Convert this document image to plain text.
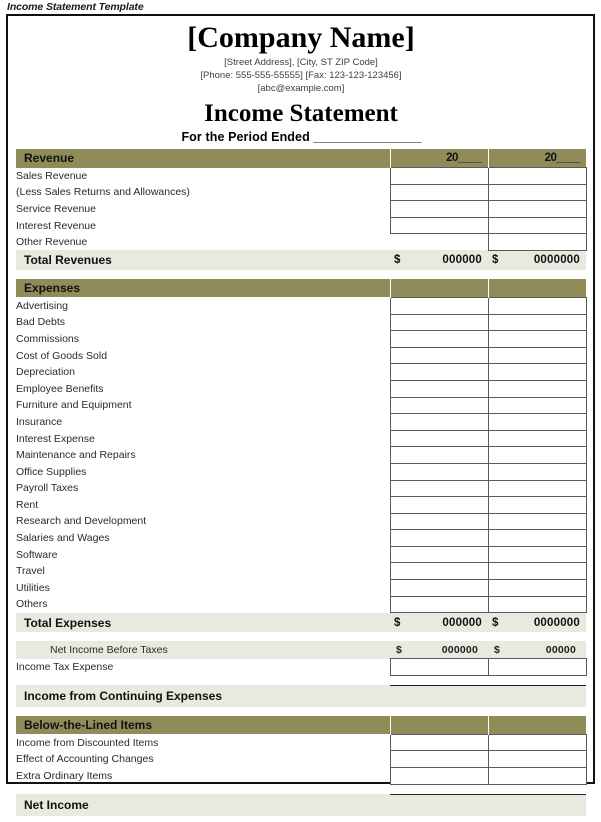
Income Statement Template
[Company Name]
[Street Address], [City, ST ZIP Code]
[Phone: 555-555-55555] [Fax: 123-123-123456]
[abc@example.com]
Income Statement
For the Period Ended __________________
Revenue	20____	20____
Sales Revenue		
(Less Sales Returns and Allowances)		
Service Revenue		
Interest Revenue		
Other Revenue		
Total Revenues	$ 000000	$ 0000000

Expenses		
Advertising		
Bad Debts		
Commissions		
Cost of Goods Sold		
Depreciation		
Employee Benefits		
Furniture and Equipment		
Insurance		
Interest Expense		
Maintenance and Repairs		
Office Supplies		
Payroll Taxes		
Rent		
Research and Development		
Salaries and Wages		
Software		
Travel		
Utilities		
Others		
Total Expenses	$ 000000	$ 0000000

Net Income Before Taxes	$ 000000	$ 00000

Income Tax Expense		

Income from Continuing Expenses		

Below-the-Lined Items		
Income from Discounted Items		
Effect of Accounting Changes		
Extra Ordinary Items		

Net Income		
